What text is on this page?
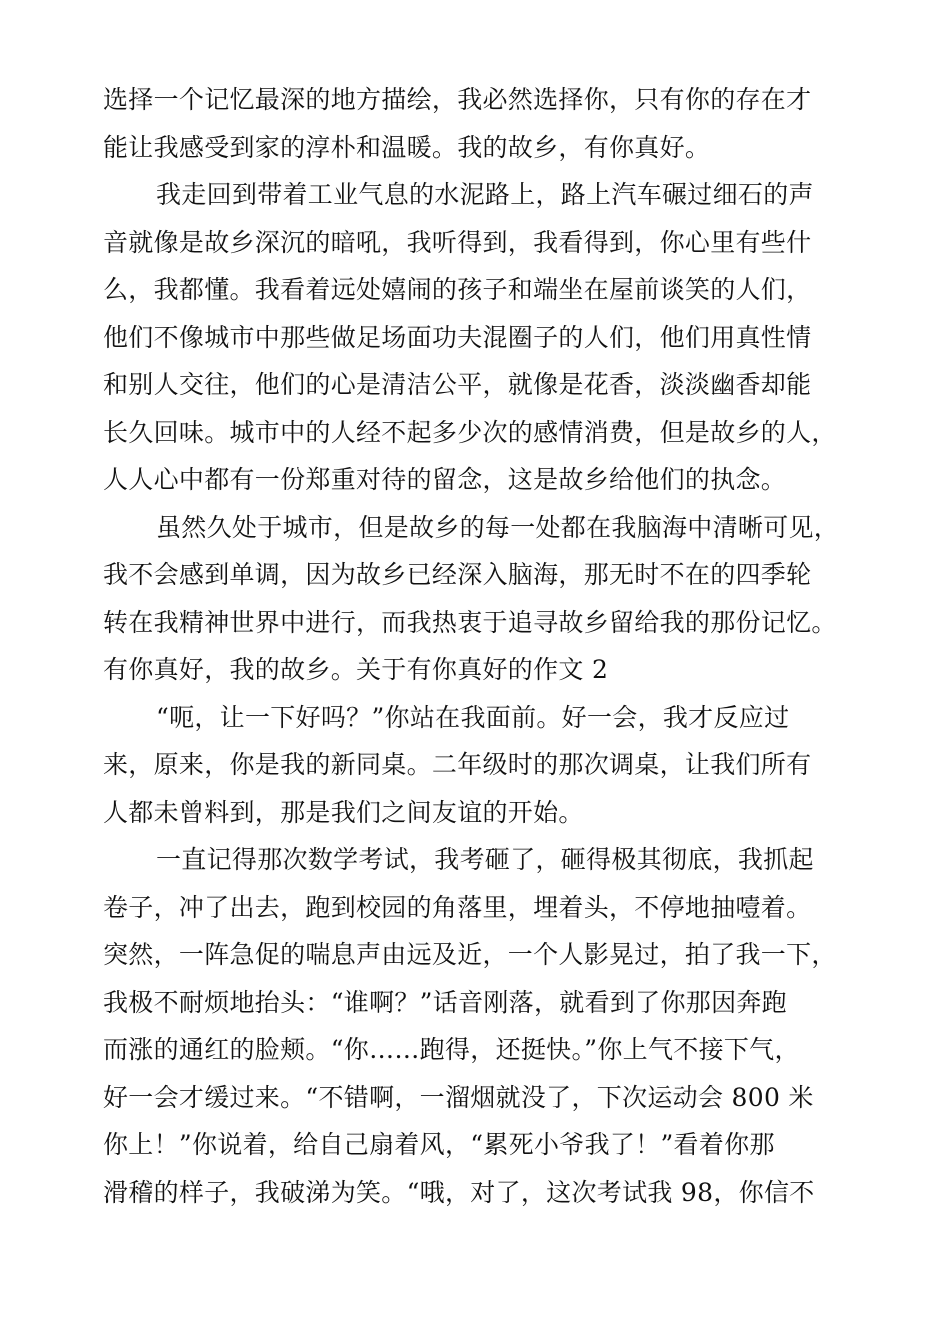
选择一个记忆最深的地方描绘，我必然选择你，只有你的存在才
能让我感受到家的淳朴和温暖。我的故乡，有你真好。
我走回到带着工业气息的水泥路上，路上汽车碾过细石的声
音就像是故乡深沉的暗吼，我听得到，我看得到，你心里有些什
么，我都懂。我看着远处嬉闹的孩子和端坐在屋前谈笑的人们，
他们不像城市中那些做足场面功夫混圈子的人们，他们用真性情
和别人交往，他们的心是清洁公平，就像是花香，淡淡幽香却能
长久回味。城市中的人经不起多少次的感情消费，但是故乡的人，
人人心中都有一份郑重对待的留念，这是故乡给他们的执念。
虽然久处于城市，但是故乡的每一处都在我脑海中清晰可见，
我不会感到单调，因为故乡已经深入脑海，那无时不在的四季轮
转在我精神世界中进行，而我热衷于追寻故乡留给我的那份记忆。
有你真好，我的故乡。关于有你真好的作文 2
“呃，让一下好吗？”你站在我面前。好一会，我才反应过
来，原来，你是我的新同桌。二年级时的那次调桌，让我们所有
人都未曾料到，那是我们之间友谊的开始。
一直记得那次数学考试，我考砸了，砸得极其彻底，我抓起
卷子，冲了出去，跑到校园的角落里，埋着头，不停地抽噎着。
突然，一阵急促的喘息声由远及近，一个人影晃过，拍了我一下，
我极不耐烦地抬头：“谁啊？”话音刚落，就看到了你那因奔跑
而涨的通红的脸颊。“你……跑得，还挺快。”你上气不接下气，
好一会才缓过来。“不错啊，一溜烟就没了，下次运动会 800 米
你上！”你说着，给自己扇着风，“累死小爷我了！”看着你那
滑稽的样子，我破涕为笑。“哦，对了，这次考试我 98，你信不
